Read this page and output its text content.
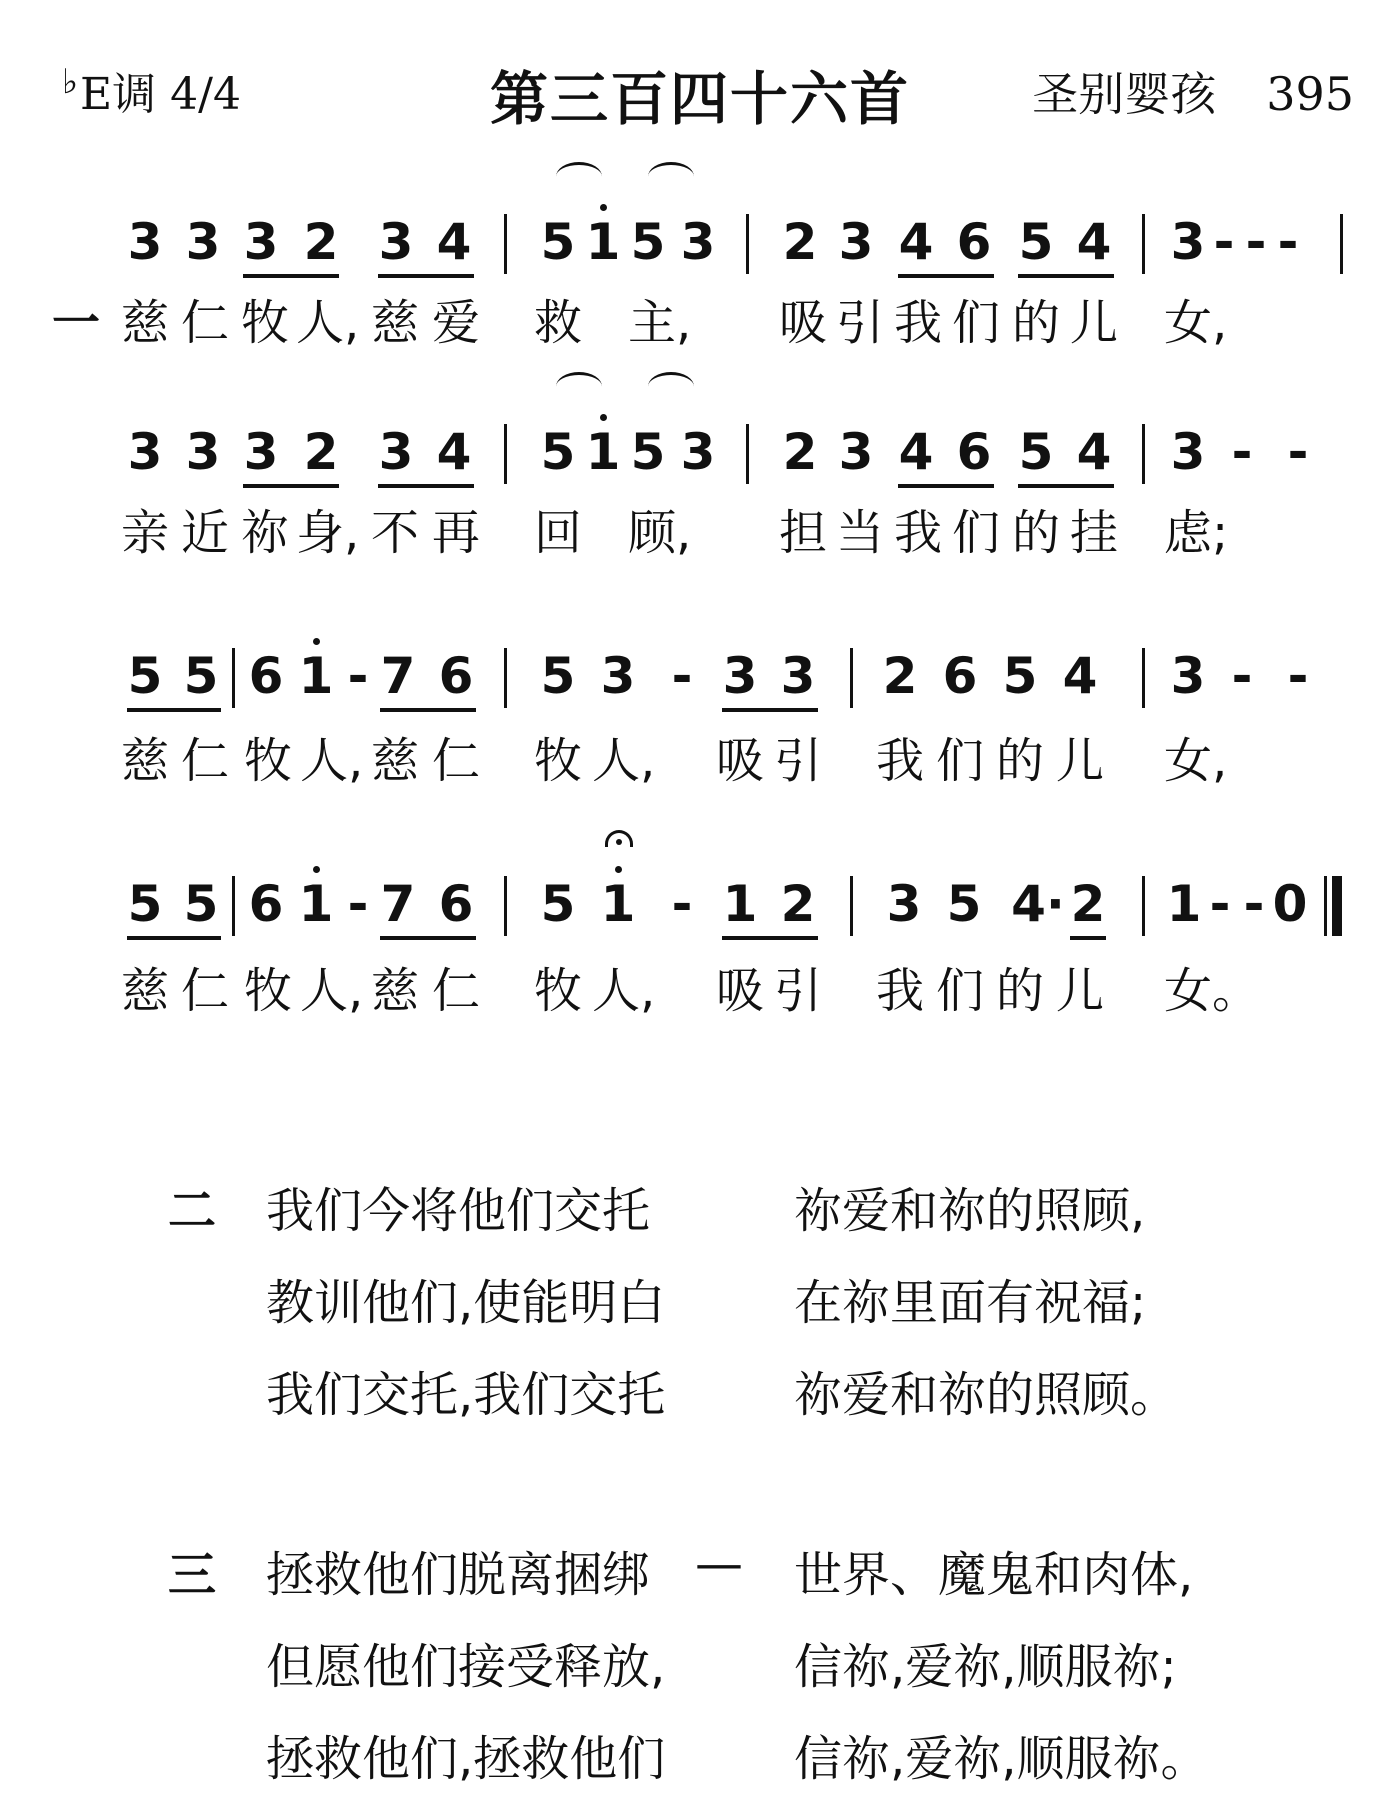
♭E调 4/4	第三百四十六首	圣别婴孩 395
3 3 3 2 3 4 5 1 5 3 2 3 4 6 5 4 3 - - -
一 慈 仁 牧 人, 慈 爱 救 主, 吸 引 我 们 的 儿 女,
3 3 3 2 3 4 5 1 5 3 2 3 4 6 5 4 3 - -
亲 近 祢 身, 不 再 回 顾, 担 当 我 们 的 挂 虑;
5 5 6 1 - 7 6 5 3 - 3 3 2 6 5 4 3 - -
慈 仁 牧 人, 慈 仁 牧 人, 吸 引 我 们 的 儿 女,
5 5 6 1 - 7 6 5 1 - 1 2 3 5 4· 2 1 - - 0
慈 仁 牧 人, 慈 仁 牧 人, 吸 引 我 们 的 儿 女。
二 我们今将他们交托	祢爱和祢的照顾,
教训他们,使能明白	在祢里面有祝福;
我们交托,我们交托	祢爱和祢的照顾。
三 拯救他们脱离捆绑 — 世界、魔鬼和肉体,
但愿他们接受释放,	信祢,爱祢,顺服祢;
拯救他们,拯救他们	信祢,爱祢,顺服祢。
